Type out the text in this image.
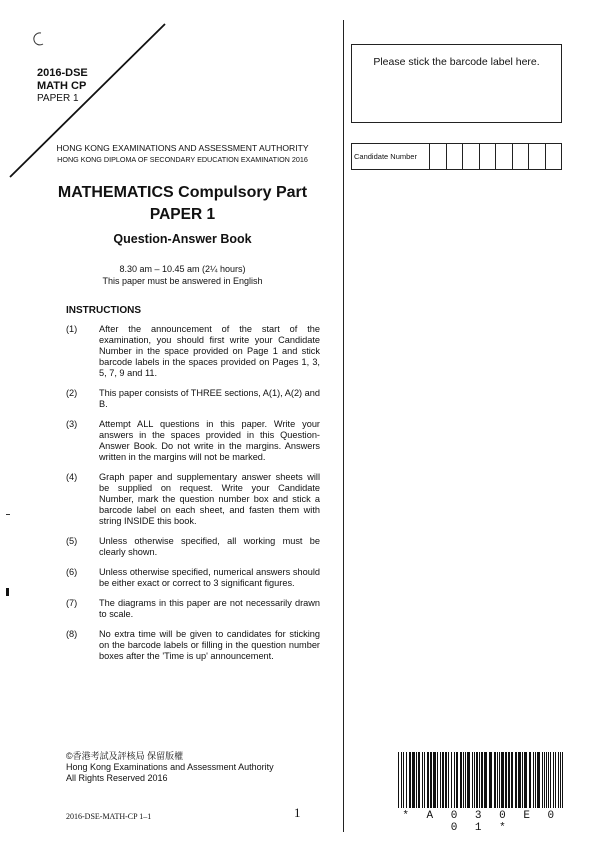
2016-DSE
MATH CP
PAPER 1
HONG KONG EXAMINATIONS AND ASSESSMENT AUTHORITY
HONG KONG DIPLOMA OF SECONDARY EDUCATION EXAMINATION 2016
MATHEMATICS Compulsory Part
PAPER 1
Question-Answer Book
8.30 am – 10.45 am (2¼ hours)
This paper must be answered in English
INSTRUCTIONS
(1)	After the announcement of the start of the examination, you should first write your Candidate Number in the space provided on Page 1 and stick barcode labels in the spaces provided on Pages 1, 3, 5, 7, 9 and 11.
(2)	This paper consists of THREE sections, A(1), A(2) and B.
(3)	Attempt ALL questions in this paper. Write your answers in the spaces provided in this Question-Answer Book. Do not write in the margins. Answers written in the margins will not be marked.
(4)	Graph paper and supplementary answer sheets will be supplied on request. Write your Candidate Number, mark the question number box and stick a barcode label on each sheet, and fasten them with string INSIDE this book.
(5)	Unless otherwise specified, all working must be clearly shown.
(6)	Unless otherwise specified, numerical answers should be either exact or correct to 3 significant figures.
(7)	The diagrams in this paper are not necessarily drawn to scale.
(8)	No extra time will be given to candidates for sticking on the barcode labels or filling in the question number boxes after the 'Time is up' announcement.
©香港考試及評核局 保留版權
Hong Kong Examinations and Assessment Authority
All Rights Reserved 2016
2016-DSE-MATH-CP 1–1	1
Please stick the barcode label here.
Candidate Number
* A 0 3 0 E 0 0 1 *
